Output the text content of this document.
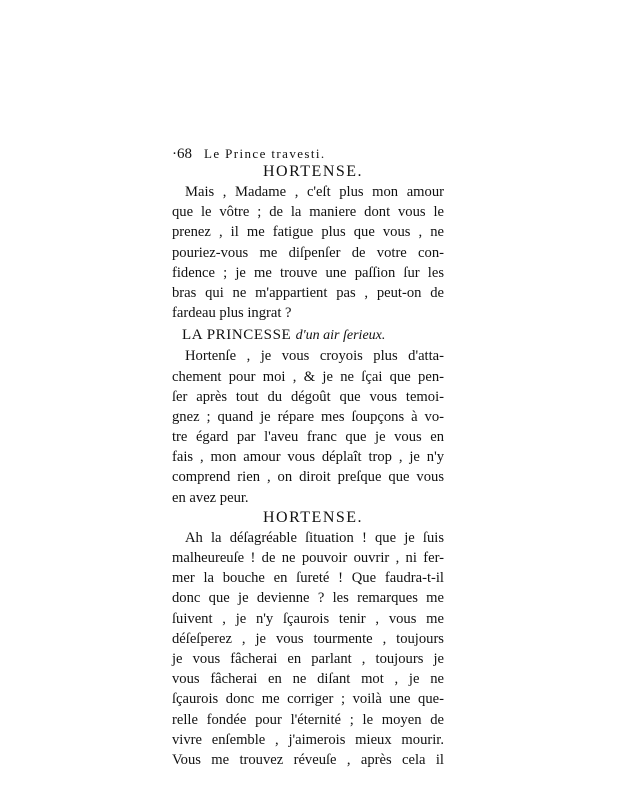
·68 Le Prince travesti.
HORTENSE.
Mais , Madame , c'eſt plus mon amour
que le vôtre ; de la maniere dont vous le
prenez , il me fatigue plus que vous , ne
pouriez-vous me diſpenſer de votre con-
fidence ; je me trouve une paſſion ſur les
bras qui ne m'appartient pas , peut-on de
fardeau plus ingrat ?
LA PRINCESSE d'un air ſerieux.
Hortenſe , je vous croyois plus d'atta-
chement pour moi , & je ne ſçai que pen-
ſer après tout du dégoût que vous temoi-
gnez ; quand je répare mes ſoupçons à vo-
tre égard par l'aveu franc que je vous en
fais , mon amour vous déplaît trop , je n'y
comprend rien , on diroit preſque que vous
en avez peur.
HORTENSE.
Ah la déſagréable ſituation ! que je ſuis
malheureuſe ! de ne pouvoir ouvrir , ni fer-
mer la bouche en ſureté ! Que faudra-t-il
donc que je devienne ? les remarques me
ſuivent , je n'y ſçaurois tenir , vous me
déſeſperez , je vous tourmente , toujours
je vous fâcherai en parlant , toujours je
vous fâcherai en ne diſant mot , je ne
ſçaurois donc me corriger ; voilà une que-
relle fondée pour l'éternité ; le moyen de
vivre enſemble , j'aimerois mieux mourir.
Vous me trouvez réveuſe , après cela il
